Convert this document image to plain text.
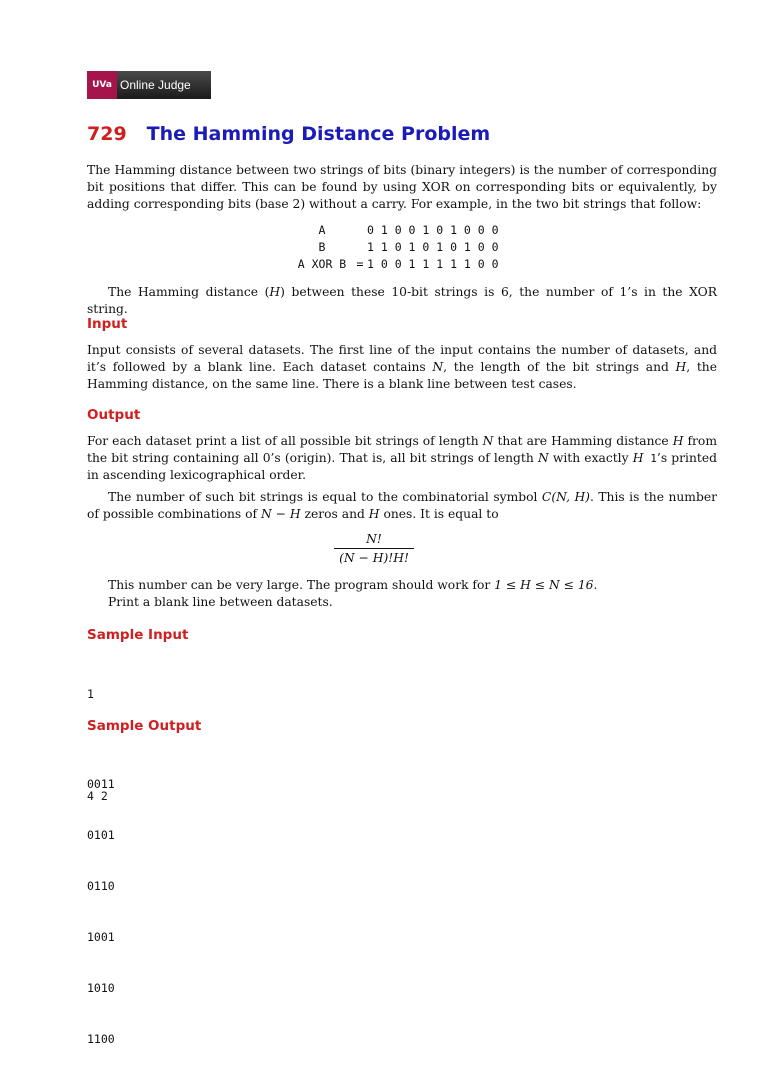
UVa Online Judge
729 The Hamming Distance Problem

The Hamming distance between two strings of bits (binary integers) is the number of corresponding bit positions that differ. This can be found by using XOR on corresponding bits or equivalently, by adding corresponding bits (base 2) without a carry. For example, in the two bit strings that follow:

A		0 1 0 0 1 0 1 0 0 0
B		1 1 0 1 0 1 0 1 0 0
A XOR B	=	1 0 0 1 1 1 1 1 0 0

The Hamming distance (H) between these 10-bit strings is 6, the number of 1’s in the XOR string.

Input

Input consists of several datasets. The first line of the input contains the number of datasets, and it’s followed by a blank line. Each dataset contains N, the length of the bit strings and H, the Hamming distance, on the same line. There is a blank line between test cases.

Output

For each dataset print a list of all possible bit strings of length N that are Hamming distance H from the bit string containing all 0’s (origin). That is, all bit strings of length N with exactly H 1’s printed in ascending lexicographical order.

The number of such bit strings is equal to the combinatorial symbol C(N, H). This is the number of possible combinations of N − H zeros and H ones. It is equal to

$\frac{N!}{(N - H)!H!}$

This number can be very large. The program should work for 1 ≤ H ≤ N ≤ 16.

Print a blank line between datasets.

Sample Input

1

4 2

Sample Output

0011

0101

0110

1001

1010

1100
